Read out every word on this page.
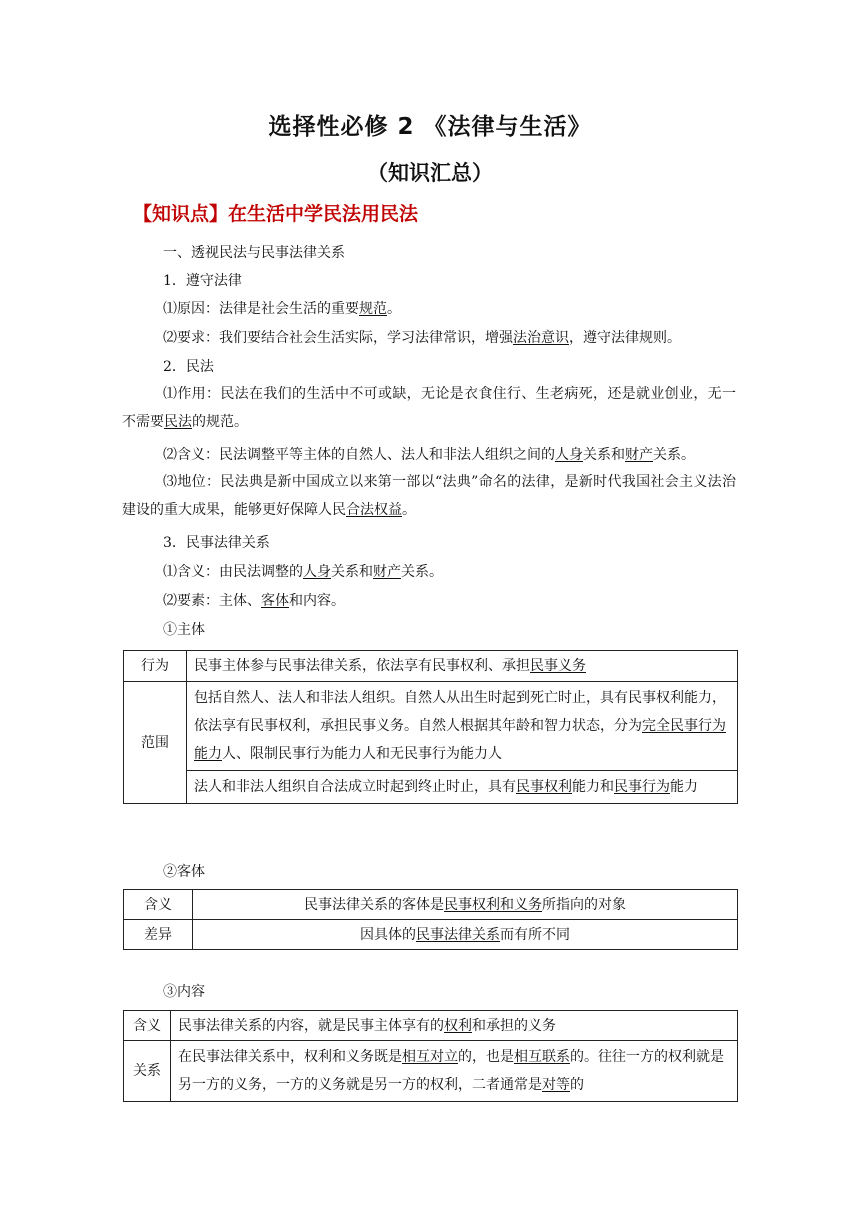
选择性必修 2 《法律与生活》
（知识汇总）
【知识点】在生活中学民法用民法
一、透视民法与民事法律关系
1．遵守法律
⑴原因：法律是社会生活的重要规范。
⑵要求：我们要结合社会生活实际，学习法律常识，增强法治意识，遵守法律规则。
2．民法
⑴作用：民法在我们的生活中不可或缺，无论是衣食住行、生老病死，还是就业创业，无一不需要民法的规范。
⑵含义：民法调整平等主体的自然人、法人和非法人组织之间的人身关系和财产关系。
⑶地位：民法典是新中国成立以来第一部以“法典”命名的法律，是新时代我国社会主义法治建设的重大成果，能够更好保障人民合法权益。
3．民事法律关系
⑴含义：由民法调整的人身关系和财产关系。
⑵要素：主体、客体和内容。
①主体
行为	民事主体参与民事法律关系，依法享有民事权利、承担民事义务
范围	包括自然人、法人和非法人组织。自然人从出生时起到死亡时止，具有民事权利能力，依法享有民事权利，承担民事义务。自然人根据其年龄和智力状态，分为完全民事行为能力人、限制民事行为能力人和无民事行为能力人
	法人和非法人组织自合法成立时起到终止时止，具有民事权利能力和民事行为能力
②客体
含义	民事法律关系的客体是民事权利和义务所指向的对象
差异	因具体的民事法律关系而有所不同
③内容
含义	民事法律关系的内容，就是民事主体享有的权利和承担的义务
关系	在民事法律关系中，权利和义务既是相互对立的，也是相互联系的。往往一方的权利就是另一方的义务，一方的义务就是另一方的权利，二者通常是对等的
